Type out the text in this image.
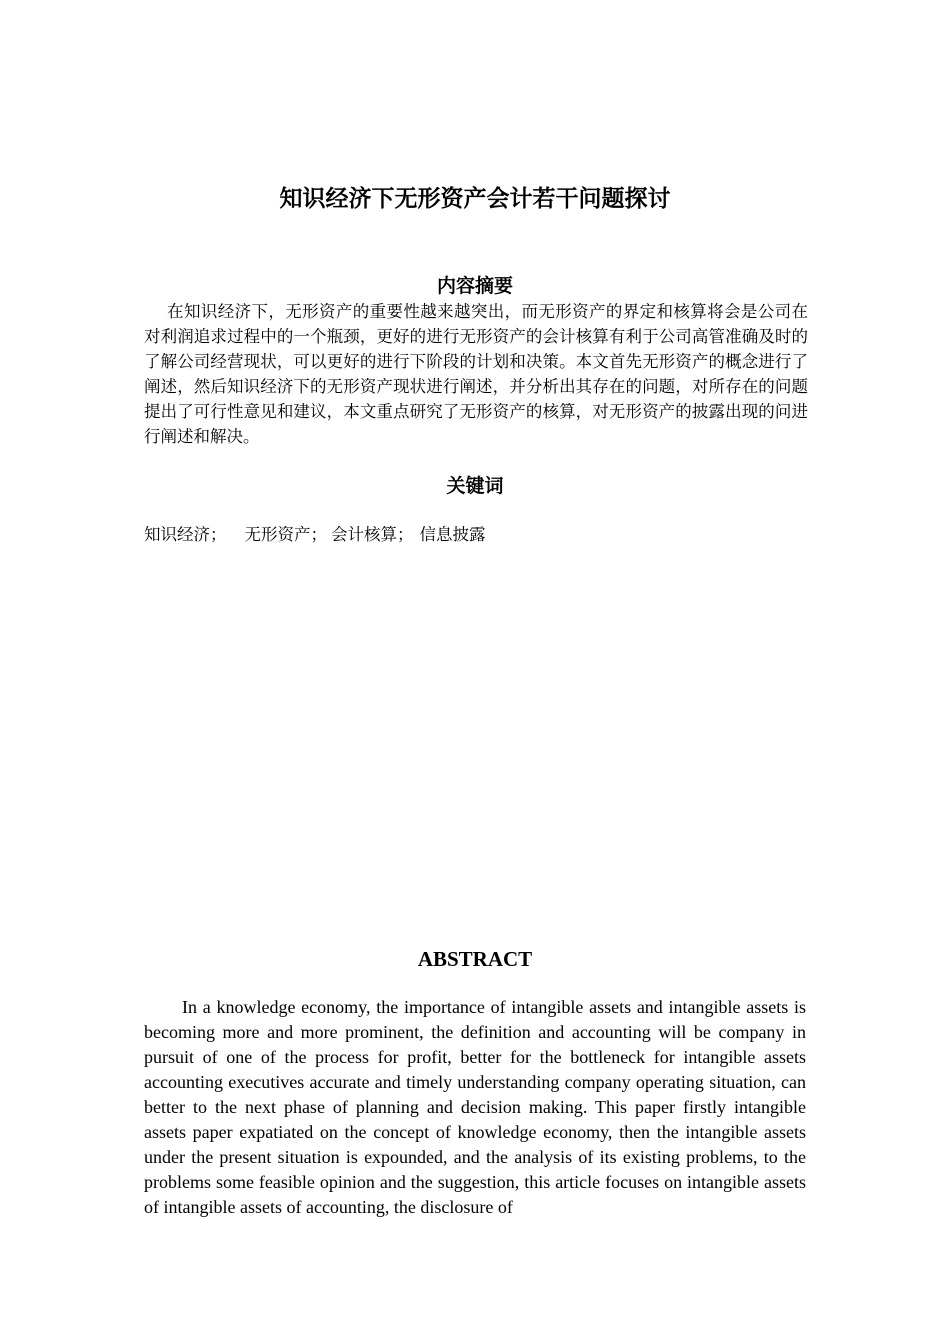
知识经济下无形资产会计若干问题探讨
内容摘要

在知识经济下，无形资产的重要性越来越突出，而无形资产的界定和核算将会是公司在对利润追求过程中的一个瓶颈，更好的进行无形资产的会计核算有利于公司高管准确及时的了解公司经营现状，可以更好的进行下阶段的计划和决策。本文首先无形资产的概念进行了阐述，然后知识经济下的无形资产现状进行阐述，并分析出其存在的问题，对所存在的问题提出了可行性意见和建议，本文重点研究了无形资产的核算，对无形资产的披露出现的问进行阐述和解决。

关键词
知识经济； 无形资产； 会计核算； 信息披露
ABSTRACT

In a knowledge economy, the importance of intangible assets and intangible assets is becoming more and more prominent, the definition and accounting will be company in pursuit of one of the process for profit, better for the bottleneck for intangible assets accounting executives accurate and timely understanding company operating situation, can better to the next phase of planning and decision making. This paper firstly intangible assets paper expatiated on the concept of knowledge economy, then the intangible assets under the present situation is expounded, and the analysis of its existing problems, to the problems some feasible opinion and the suggestion, this article focuses on intangible assets of intangible assets of accounting, the disclosure of
